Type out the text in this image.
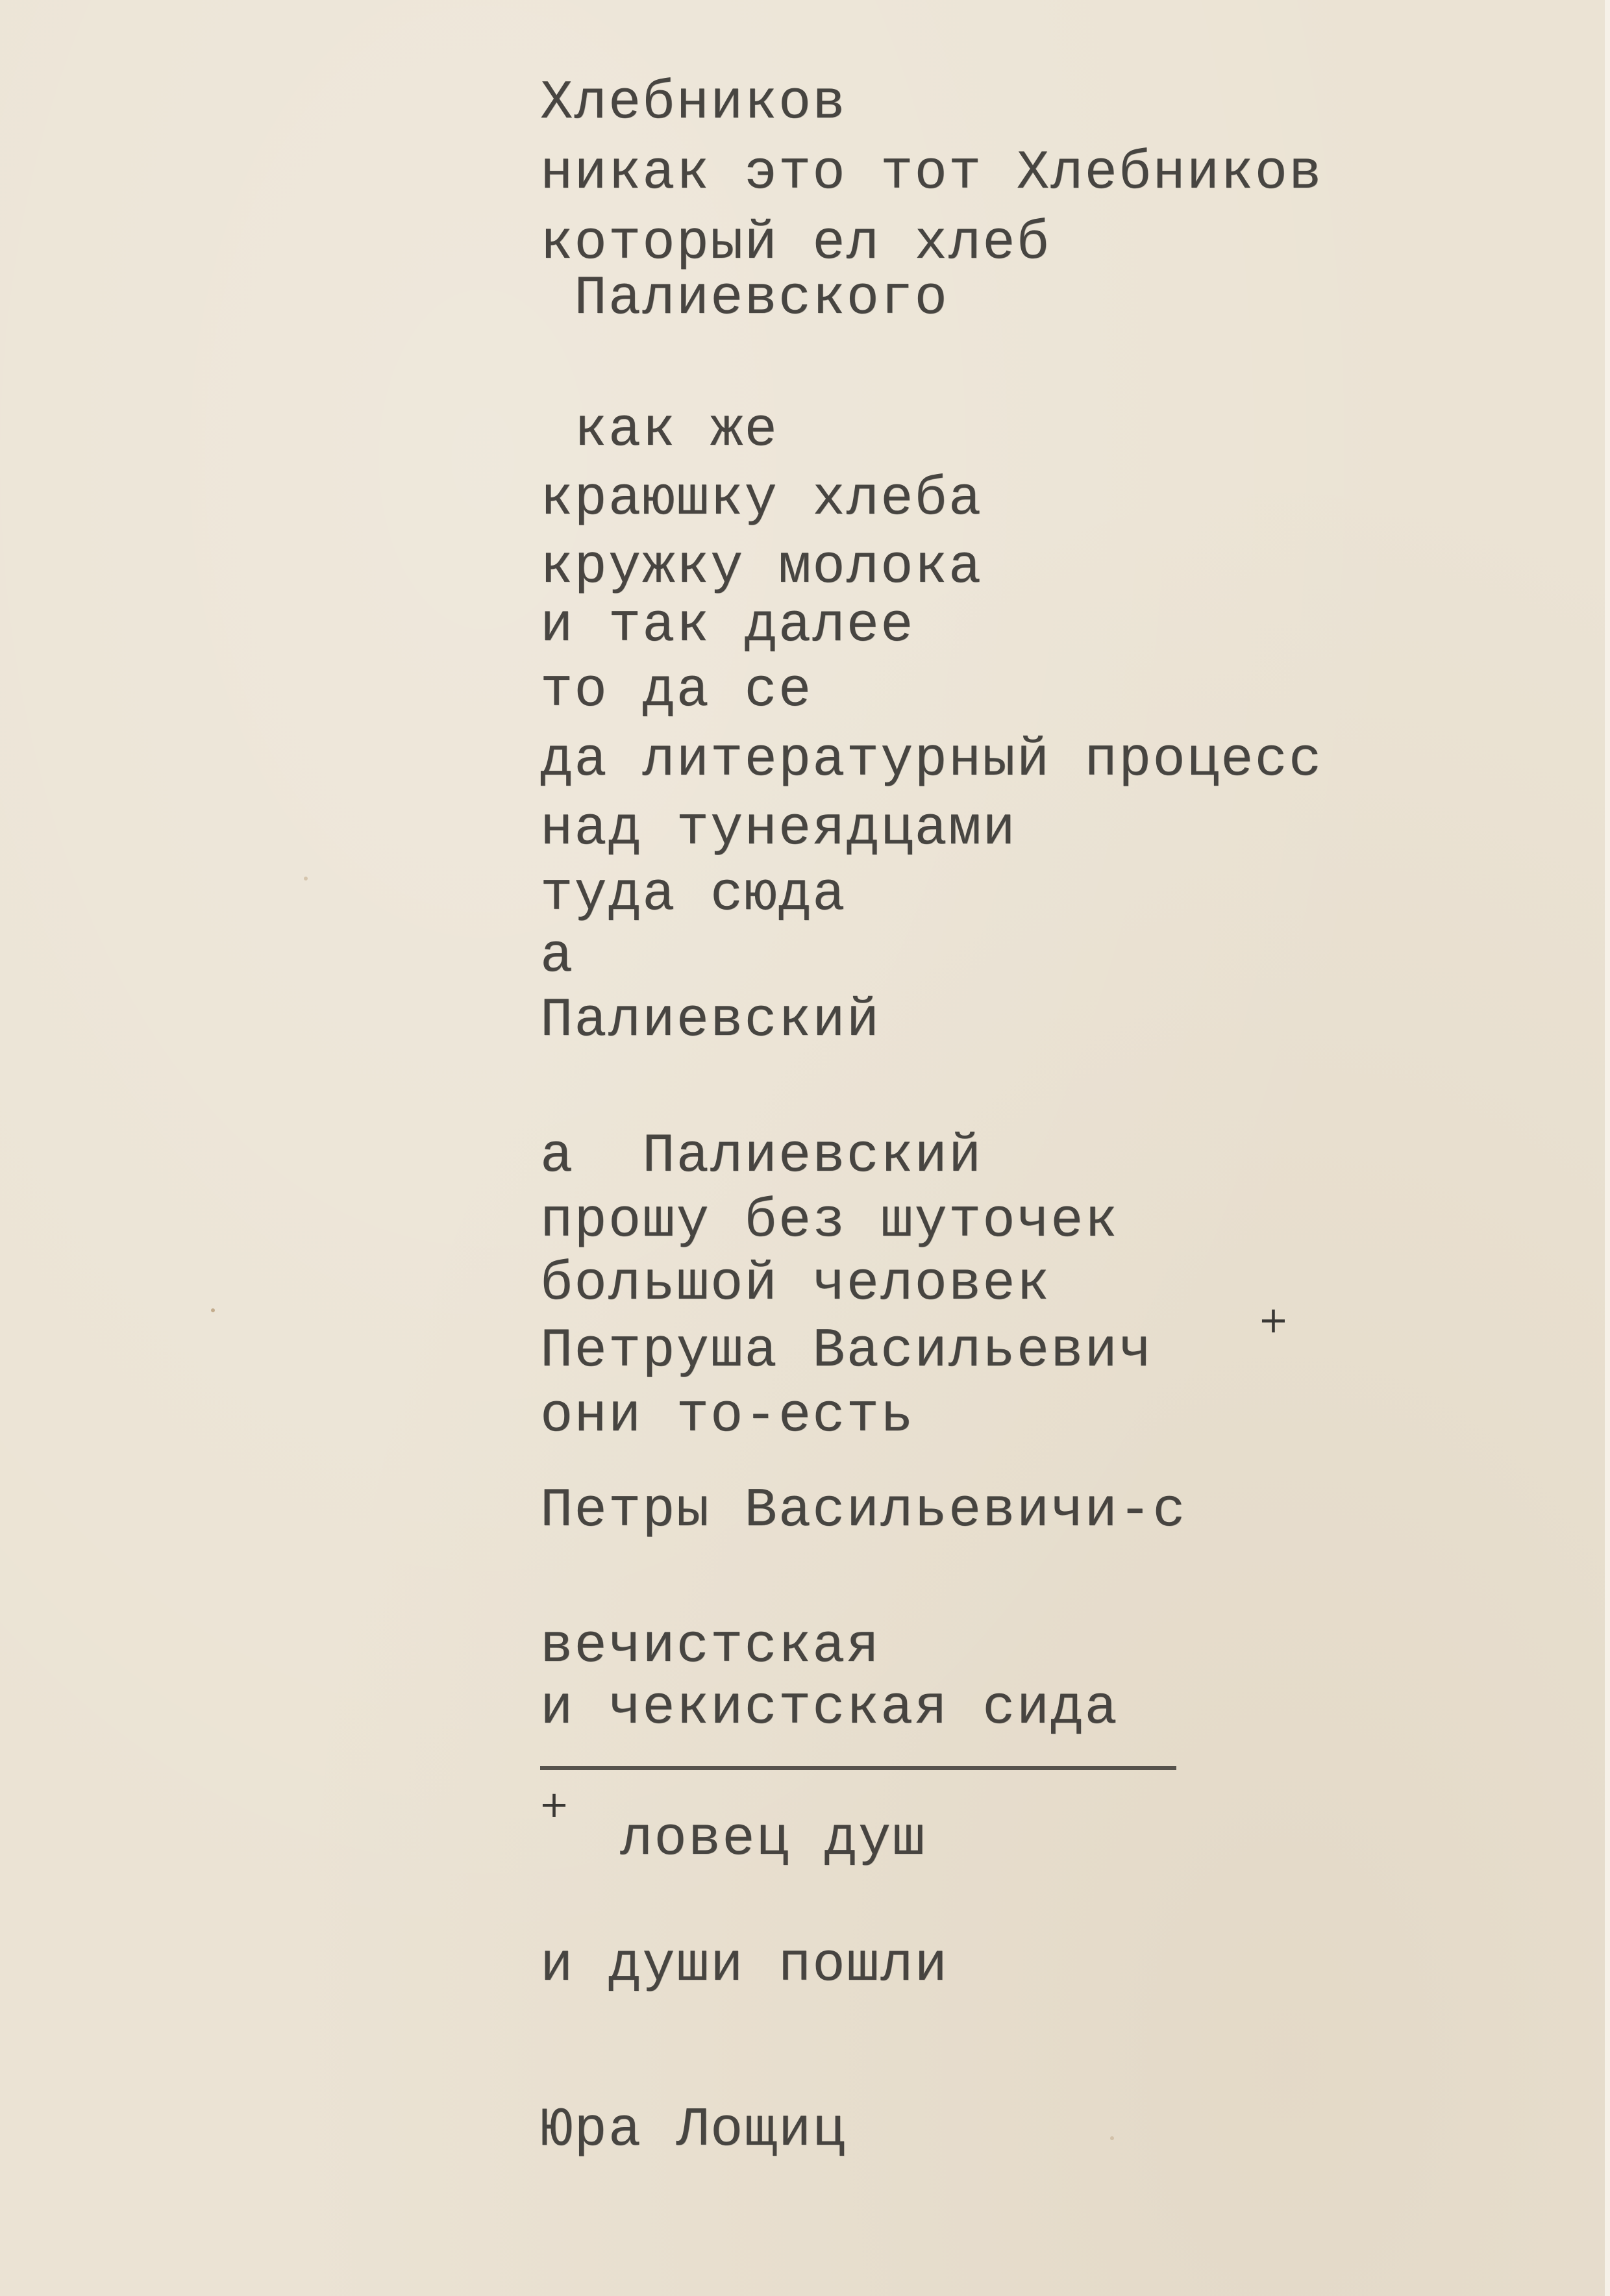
Хлебников
никак это тот Хлебников
который ел хлеб
Палиевского
как же
краюшку хлеба
кружку молока
и так далее
то да се
да литературный процесс
над тунеядцами
туда сюда
а
Палиевский
а  Палиевский
прошу без шуточек
большой человек
Петруша Васильевич
+
они то-есть
Петры Васильевичи-с
вечистская
и чекистская сида
+
ловец душ
и души пошли
Юра Лощиц
